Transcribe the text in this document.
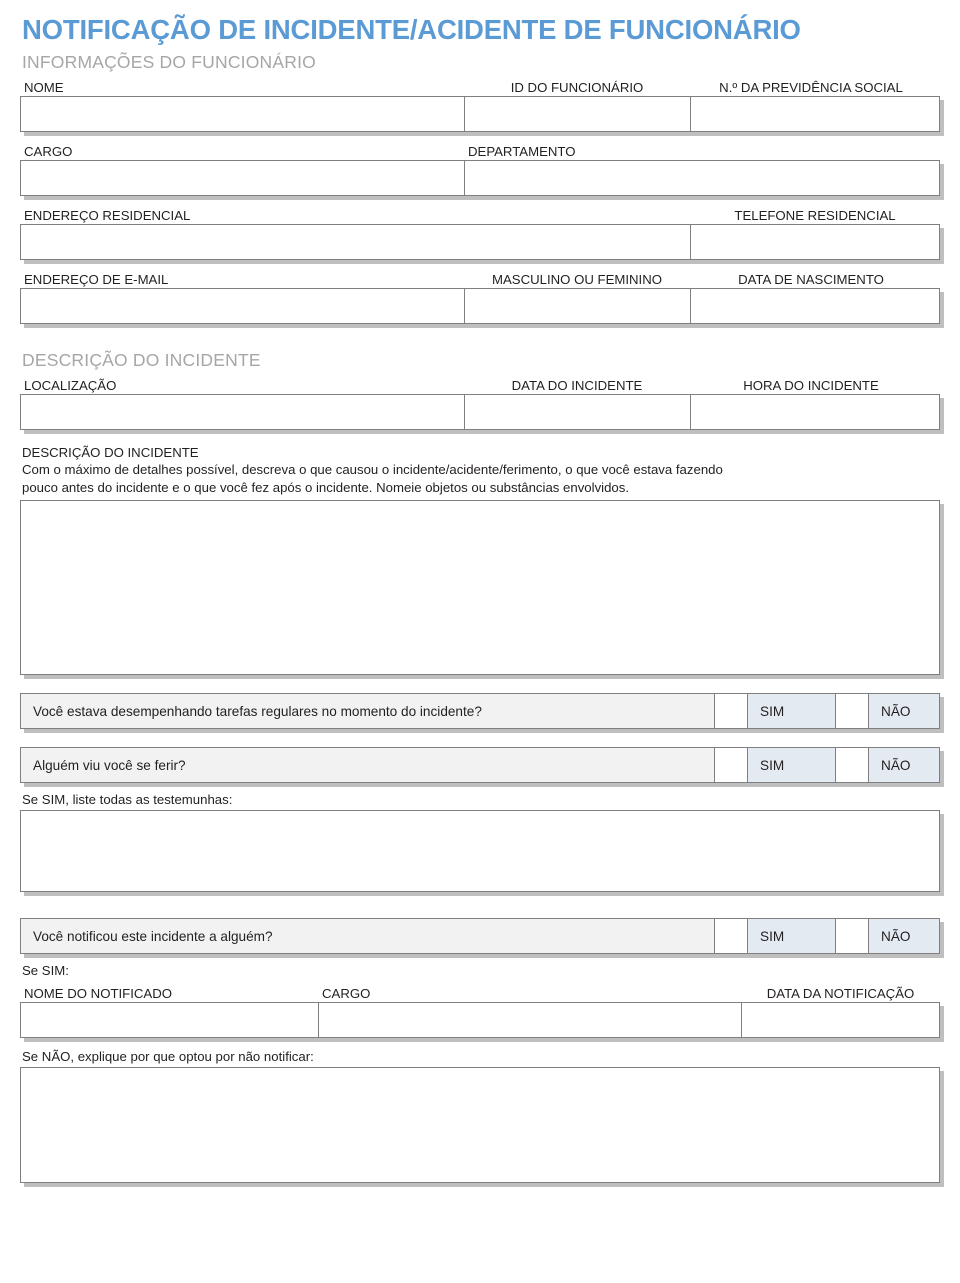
NOTIFICAÇÃO DE INCIDENTE/ACIDENTE DE FUNCIONÁRIO
INFORMAÇÕES DO FUNCIONÁRIO
NOME	ID DO FUNCIONÁRIO	N.º DA PREVIDÊNCIA SOCIAL
CARGO	DEPARTAMENTO
ENDEREÇO RESIDENCIAL	TELEFONE RESIDENCIAL
ENDEREÇO DE E-MAIL	MASCULINO OU FEMININO	DATA DE NASCIMENTO
DESCRIÇÃO DO INCIDENTE
LOCALIZAÇÃO	DATA DO INCIDENTE	HORA DO INCIDENTE
DESCRIÇÃO DO INCIDENTE
Com o máximo de detalhes possível, descreva o que causou o incidente/acidente/ferimento, o que você estava fazendo
pouco antes do incidente e o que você fez após o incidente. Nomeie objetos ou substâncias envolvidos.
Você estava desempenhando tarefas regulares no momento do incidente?	SIM	NÃO
Alguém viu você se ferir?	SIM	NÃO
Se SIM, liste todas as testemunhas:
Você notificou este incidente a alguém?	SIM	NÃO
Se SIM:
NOME DO NOTIFICADO	CARGO	DATA DA NOTIFICAÇÃO
Se NÃO, explique por que optou por não notificar:
